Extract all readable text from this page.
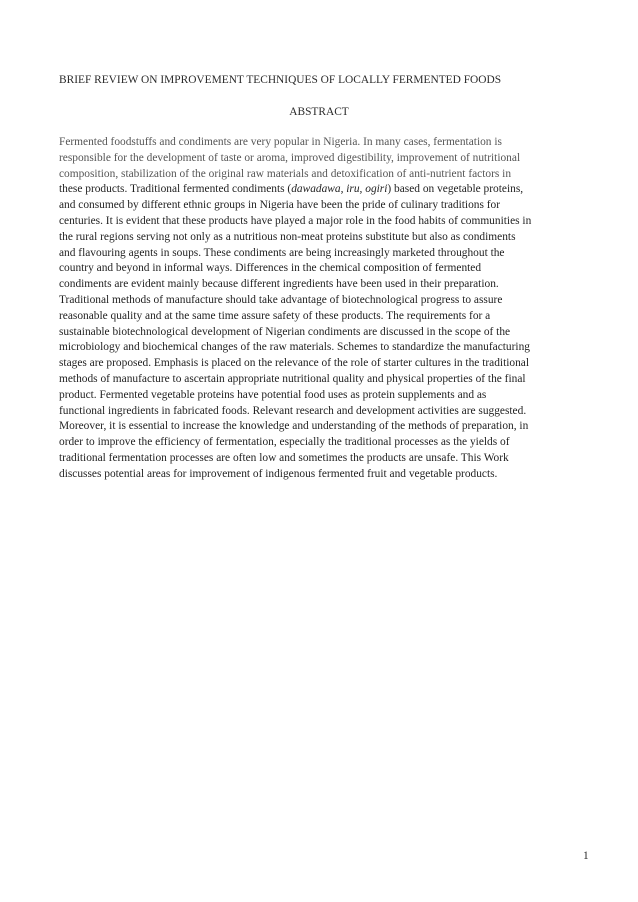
BRIEF REVIEW ON IMPROVEMENT TECHNIQUES OF LOCALLY FERMENTED FOODS
ABSTRACT
Fermented foodstuffs and condiments are very popular in Nigeria. In many cases, fermentation is
responsible for the development of taste or aroma, improved digestibility, improvement of nutritional
composition, stabilization of the original raw materials and detoxification of anti-nutrient factors in
these products. Traditional fermented condiments (dawadawa, iru, ogiri) based on vegetable proteins,
and consumed by different ethnic groups in Nigeria have been the pride of culinary traditions for
centuries. It is evident that these products have played a major role in the food habits of communities in
the rural regions serving not only as a nutritious non-meat proteins substitute but also as condiments
and flavouring agents in soups. These condiments are being increasingly marketed throughout the
country and beyond in informal ways. Differences in the chemical composition of fermented
condiments are evident mainly because different ingredients have been used in their preparation.
Traditional methods of manufacture should take advantage of biotechnological progress to assure
reasonable quality and at the same time assure safety of these products. The requirements for a
sustainable biotechnological development of Nigerian condiments are discussed in the scope of the
microbiology and biochemical changes of the raw materials. Schemes to standardize the manufacturing
stages are proposed. Emphasis is placed on the relevance of the role of starter cultures in the traditional
methods of manufacture to ascertain appropriate nutritional quality and physical properties of the final
product. Fermented vegetable proteins have potential food uses as protein supplements and as
functional ingredients in fabricated foods. Relevant research and development activities are suggested.
Moreover, it is essential to increase the knowledge and understanding of the methods of preparation, in
order to improve the efficiency of fermentation, especially the traditional processes as the yields of
traditional fermentation processes are often low and sometimes the products are unsafe. This Work
discusses potential areas for improvement of indigenous fermented fruit and vegetable products.
1
